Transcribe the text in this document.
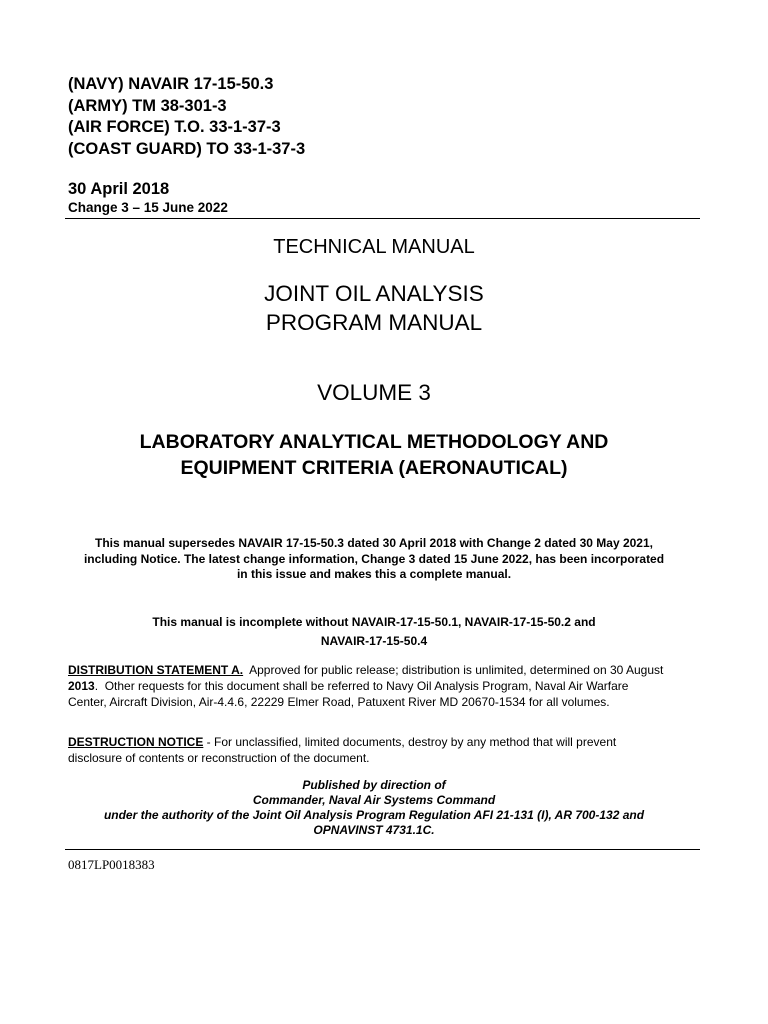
(NAVY) NAVAIR 17-15-50.3
(ARMY) TM 38-301-3
(AIR FORCE) T.O. 33-1-37-3
(COAST GUARD) TO 33-1-37-3
30 April 2018
Change 3 – 15 June 2022
TECHNICAL MANUAL
JOINT OIL ANALYSIS
PROGRAM MANUAL
VOLUME 3
LABORATORY ANALYTICAL METHODOLOGY AND
EQUIPMENT CRITERIA (AERONAUTICAL)
This manual supersedes NAVAIR 17-15-50.3 dated 30 April 2018 with Change 2 dated 30 May 2021,
including Notice. The latest change information, Change 3 dated 15 June 2022, has been incorporated
in this issue and makes this a complete manual.
This manual is incomplete without NAVAIR-17-15-50.1, NAVAIR-17-15-50.2 and
NAVAIR-17-15-50.4
DISTRIBUTION STATEMENT A.  Approved for public release; distribution is unlimited, determined on 30 August
2013.  Other requests for this document shall be referred to Navy Oil Analysis Program, Naval Air Warfare
Center, Aircraft Division, Air-4.4.6, 22229 Elmer Road, Patuxent River MD 20670-1534 for all volumes.
DESTRUCTION NOTICE - For unclassified, limited documents, destroy by any method that will prevent
disclosure of contents or reconstruction of the document.
Published by direction of
Commander, Naval Air Systems Command
under the authority of the Joint Oil Analysis Program Regulation AFI 21-131 (I), AR 700-132 and
OPNAVINST 4731.1C.
0817LP0018383
